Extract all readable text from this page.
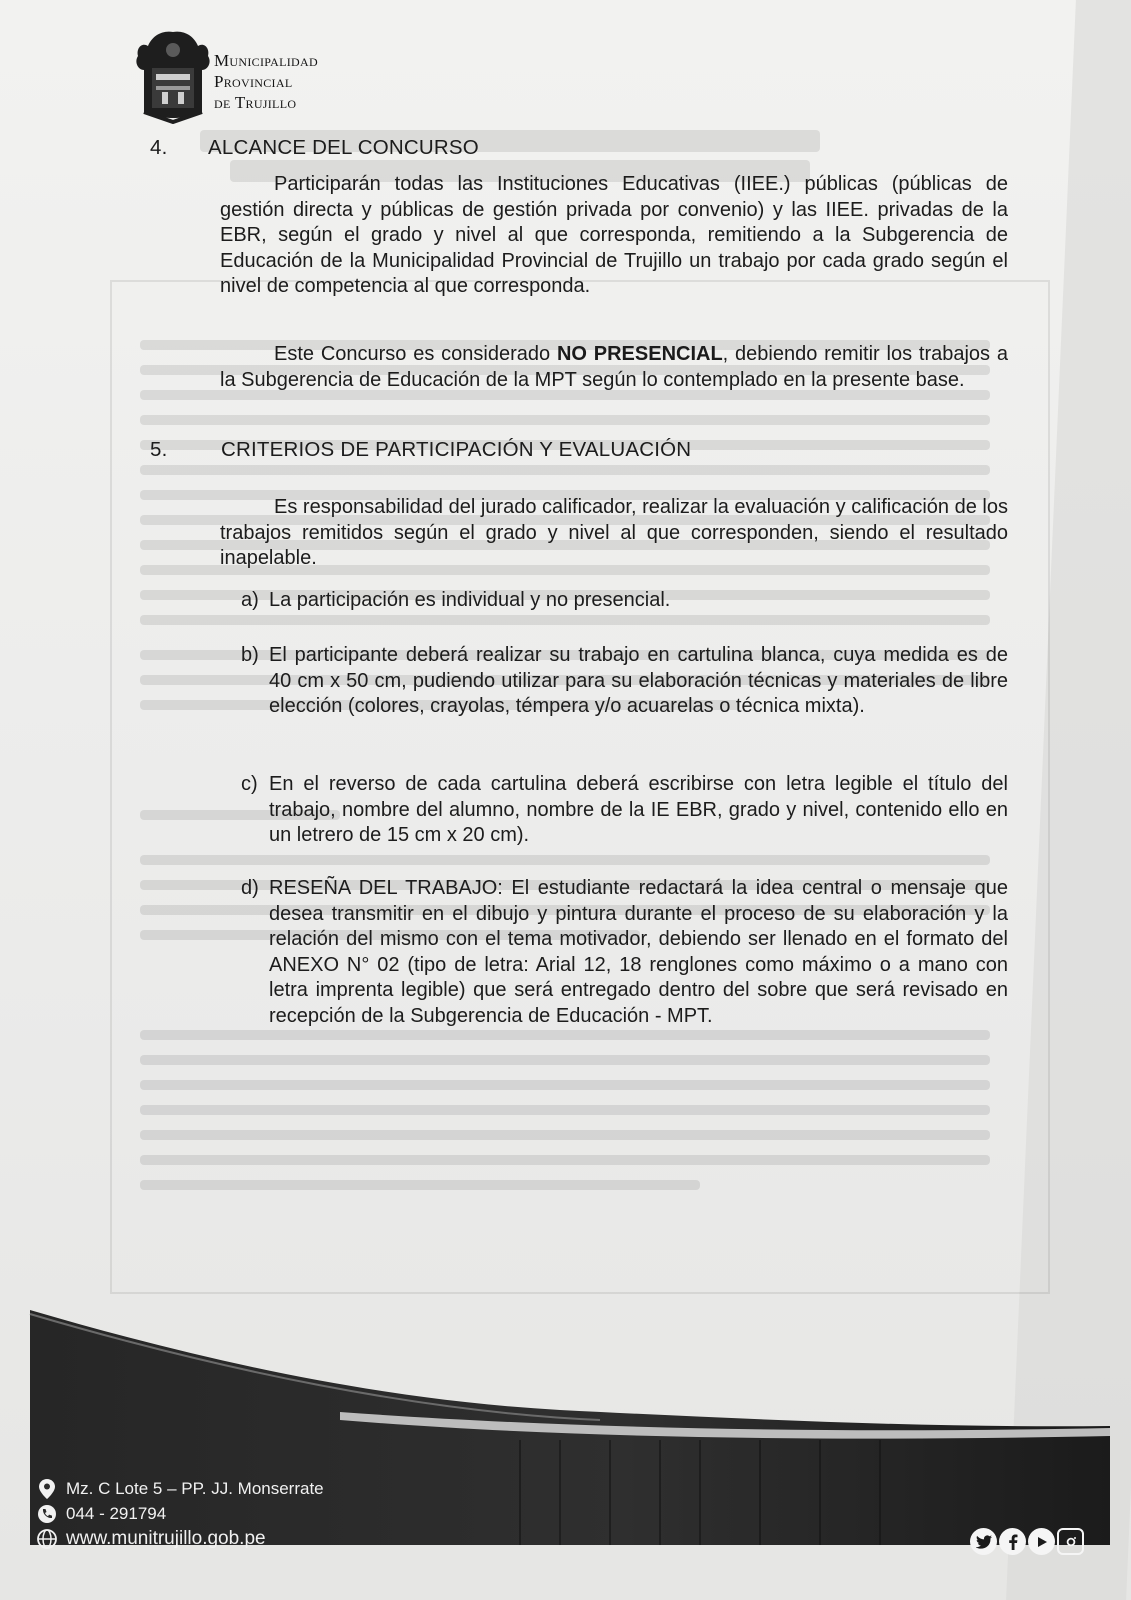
Municipalidad
Provincial
de Trujillo
4. ALCANCE DEL CONCURSO

Participarán todas las Instituciones Educativas (IIEE.) públicas (públicas de gestión directa y públicas de gestión privada por convenio) y las IIEE. privadas de la EBR, según el grado y nivel al que corresponda, remitiendo a la Subgerencia de Educación de la Municipalidad Provincial de Trujillo un trabajo por cada grado según el nivel de competencia al que corresponda.

Este Concurso es considerado NO PRESENCIAL, debiendo remitir los trabajos a la Subgerencia de Educación de la MPT según lo contemplado en la presente base.

5.	CRITERIOS DE PARTICIPACIÓN Y EVALUACIÓN

Es responsabilidad del jurado calificador, realizar la evaluación y calificación de los trabajos remitidos según el grado y nivel al que corresponden, siendo el resultado inapelable.

a) La participación es individual y no presencial.
b) El participante deberá realizar su trabajo en cartulina blanca, cuya medida es de 40 cm x 50 cm, pudiendo utilizar para su elaboración técnicas y materiales de libre elección (colores, crayolas, témpera y/o acuarelas o técnica mixta).
c) En el reverso de cada cartulina deberá escribirse con letra legible el título del trabajo, nombre del alumno, nombre de la IE EBR, grado y nivel, contenido ello en un letrero de 15 cm x 20 cm).
d) RESEÑA DEL TRABAJO: El estudiante redactará la idea central o mensaje que desea transmitir en el dibujo y pintura durante el proceso de su elaboración y la relación del mismo con el tema motivador, debiendo ser llenado en el formato del ANEXO N° 02 (tipo de letra: Arial 12, 18 renglones como máximo o a mano con letra imprenta legible) que será entregado dentro del sobre que será revisado en recepción de la Subgerencia de Educación - MPT.
Mz. C Lote 5 – PP. JJ. Monserrate
044 - 291794
www.munitrujillo.gob.pe
